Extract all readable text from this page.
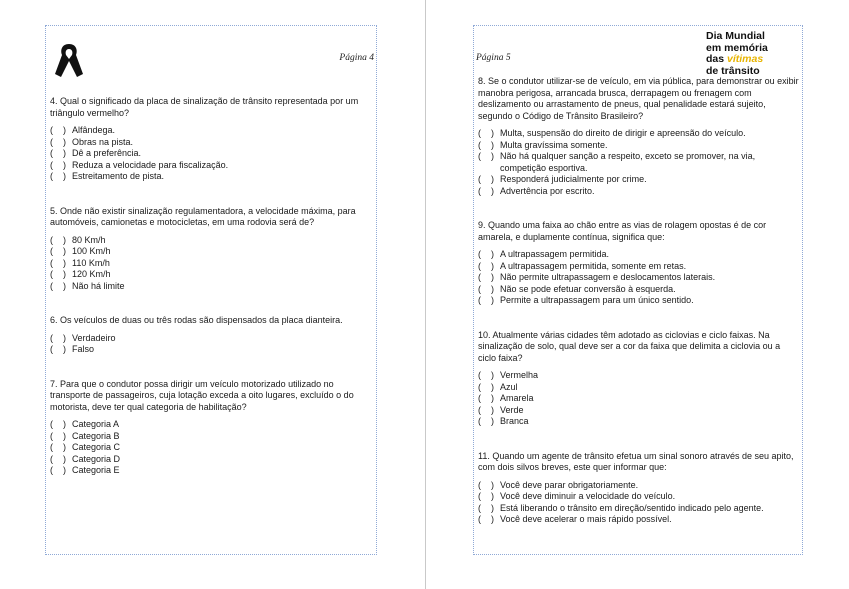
Página 4

4. Qual o significado da placa de sinalização de trânsito representada por um triângulo vermelho?

(    ) Alfândega.
(    ) Obras na pista.
(    ) Dê a preferência.
(    ) Reduza a velocidade para fiscalização.
(    ) Estreitamento de pista.

5. Onde não existir sinalização regulamentadora, a velocidade máxima, para automóveis, camionetas e motocicletas, em uma rodovia será de?

(    ) 80 Km/h
(    ) 100 Km/h
(    ) 110 Km/h
(    ) 120 Km/h
(    ) Não há limite

6. Os veículos de duas ou três rodas são dispensados da placa dianteira.

(    ) Verdadeiro
(    ) Falso

7. Para que o condutor possa dirigir um veículo motorizado utilizado no transporte de passageiros, cuja lotação exceda a oito lugares, excluído o do motorista, deve ter qual categoria de habilitação?

(    ) Categoria A
(    ) Categoria B
(    ) Categoria C
(    ) Categoria D
(    ) Categoria E
Página 5
Dia Mundial
em memória
das vítimas
de trânsito

8. Se o condutor utilizar-se de veículo, em via pública, para demonstrar ou exibir manobra perigosa, arrancada brusca, derrapagem ou frenagem com deslizamento ou arrastamento de pneus, qual penalidade estará sujeito, segundo o Código de Trânsito Brasileiro?

(    ) Multa, suspensão do direito de dirigir e apreensão do veículo.
(    ) Multa gravíssima somente.
(    ) Não há qualquer sanção a respeito, exceto se promover, na via, competição esportiva.
(    ) Responderá judicialmente por crime.
(    ) Advertência por escrito.

9. Quando uma faixa ao chão entre as vias de rolagem opostas é de cor amarela, e duplamente contínua, significa que:

(    ) A ultrapassagem permitida.
(    ) A ultrapassagem permitida, somente em retas.
(    ) Não permite ultrapassagem e deslocamentos laterais.
(    ) Não se pode efetuar conversão à esquerda.
(    ) Permite a ultrapassagem para um único sentido.

10. Atualmente várias cidades têm adotado as ciclovias e ciclo faixas. Na sinalização de solo, qual deve ser a cor da faixa que delimita a ciclovia ou a ciclo faixa?

(    ) Vermelha
(    ) Azul
(    ) Amarela
(    ) Verde
(    ) Branca

11. Quando um agente de trânsito efetua um sinal sonoro através de seu apito, com dois silvos breves, este quer informar que:

(    ) Você deve parar obrigatoriamente.
(    ) Você deve diminuir a velocidade do veículo.
(    ) Está liberando o trânsito em direção/sentido indicado pelo agente.
(    ) Você deve acelerar o mais rápido possível.
